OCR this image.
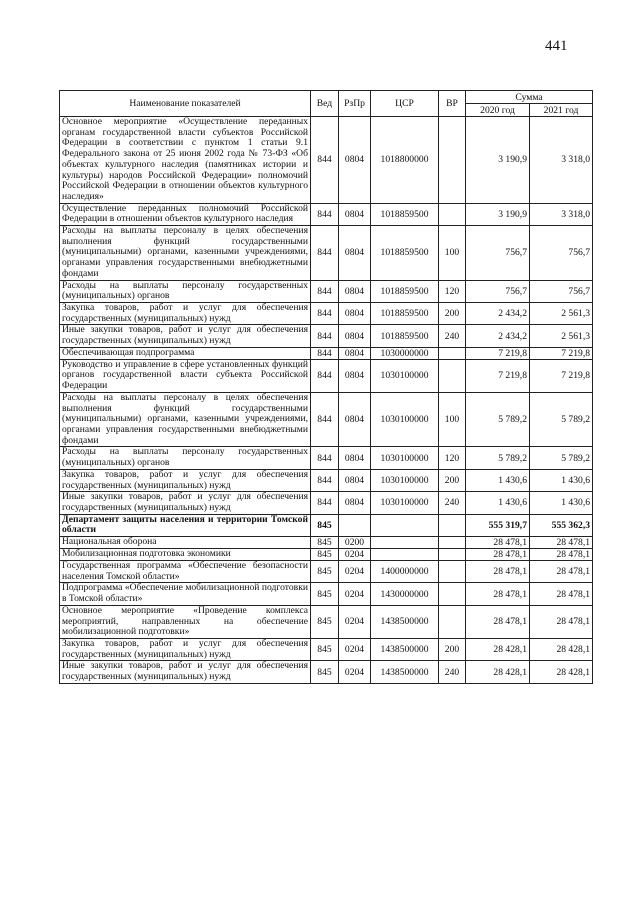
441
Наименование показателей	Вед	РзПр	ЦСР	ВР	Сумма	
					2020 год	2021 год
Основное мероприятие «Осуществление переданных органам государственной власти субъектов Российской Федерации в соответствии с пунктом 1 статьи 9.1 Федерального закона от 25 июня 2002 года № 73-ФЗ «Об объектах культурного наследия (памятниках истории и культуры) народов Российской Федерации» полномочий Российской Федерации в отношении объектов культурного наследия»	844	0804	1018800000		3 190,9	3 318,0
Осуществление переданных полномочий Российской Федерации в отношении объектов культурного наследия	844	0804	1018859500		3 190,9	3 318,0
Расходы на выплаты персоналу в целях обеспечения выполнения функций государственными (муниципальными) органами, казенными учреждениями, органами управления государственными внебюджетными фондами	844	0804	1018859500	100	756,7	756,7
Расходы на выплаты персоналу государственных (муниципальных) органов	844	0804	1018859500	120	756,7	756,7
Закупка товаров, работ и услуг для обеспечения государственных (муниципальных) нужд	844	0804	1018859500	200	2 434,2	2 561,3
Иные закупки товаров, работ и услуг для обеспечения государственных (муниципальных) нужд	844	0804	1018859500	240	2 434,2	2 561,3
Обеспечивающая подпрограмма	844	0804	1030000000		7 219,8	7 219,8
Руководство и управление в сфере установленных функций органов государственной власти субъекта Российской Федерации	844	0804	1030100000		7 219,8	7 219,8
Расходы на выплаты персоналу в целях обеспечения выполнения функций государственными (муниципальными) органами, казенными учреждениями, органами управления государственными внебюджетными фондами	844	0804	1030100000	100	5 789,2	5 789,2
Расходы на выплаты персоналу государственных (муниципальных) органов	844	0804	1030100000	120	5 789,2	5 789,2
Закупка товаров, работ и услуг для обеспечения государственных (муниципальных) нужд	844	0804	1030100000	200	1 430,6	1 430,6
Иные закупки товаров, работ и услуг для обеспечения государственных (муниципальных) нужд	844	0804	1030100000	240	1 430,6	1 430,6
Департамент защиты населения и территории Томской области	845				555 319,7	555 362,3
Национальная оборона	845	0200			28 478,1	28 478,1
Мобилизационная подготовка экономики	845	0204			28 478,1	28 478,1
Государственная программа «Обеспечение безопасности населения Томской области»	845	0204	1400000000		28 478,1	28 478,1
Подпрограмма «Обеспечение мобилизационной подготовки в Томской области»	845	0204	1430000000		28 478,1	28 478,1
Основное мероприятие «Проведение комплекса мероприятий, направленных на обеспечение мобилизационной подготовки»	845	0204	1438500000		28 478,1	28 478,1
Закупка товаров, работ и услуг для обеспечения государственных (муниципальных) нужд	845	0204	1438500000	200	28 428,1	28 428,1
Иные закупки товаров, работ и услуг для обеспечения государственных (муниципальных) нужд	845	0204	1438500000	240	28 428,1	28 428,1
